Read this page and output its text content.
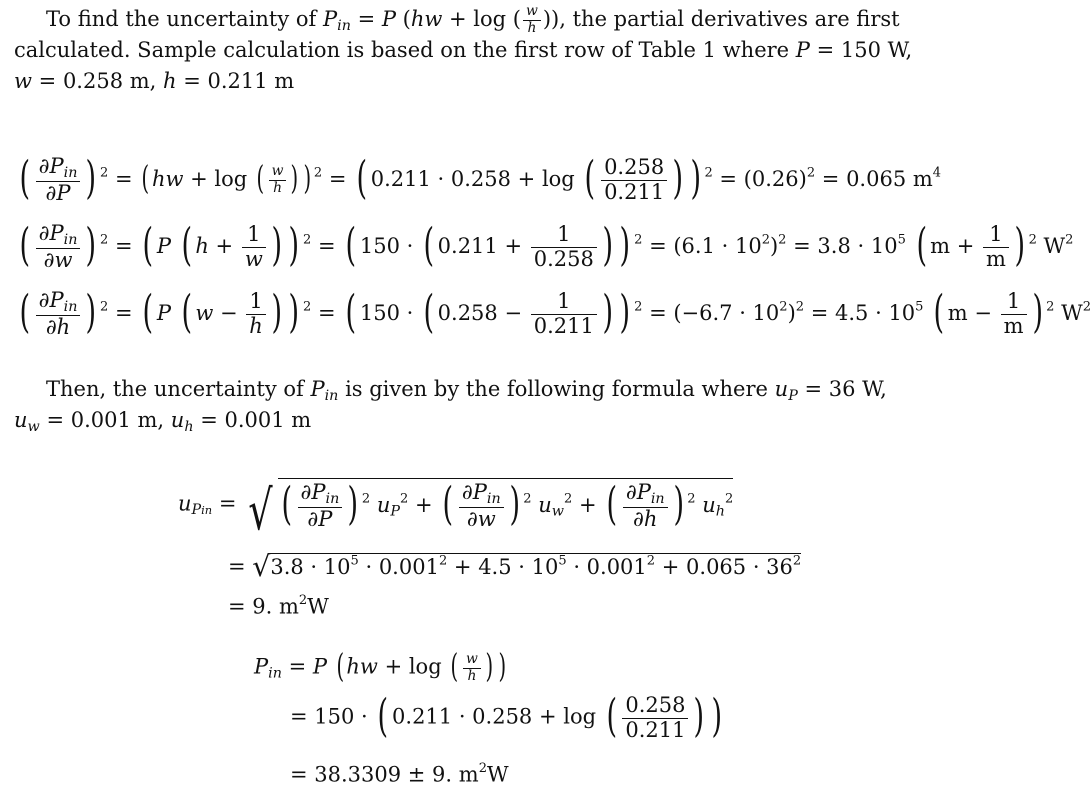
To find the uncertainty of $P_{in} = P$ (hw + log ( $\frac{w}{h}$ )), the partial derivatives are first
calculated. Sample calculation is based on the first row of Table 1 where P = 150 W,
w = 0.258 m, h = 0.211 m
( $\frac{\partial P_{in}}{\partial P}$ ) $^2$ = ( hw + log ( $\frac{w}{h}$ ) ) $^2$ = ( 0.211 · 0.258 + log ( $\frac{0.258}{0.211}$ ) ) $^2 = (0.26)^2 = 0.065$ $m^4$
( $\frac{\partial P_{in}}{\partial w}$ ) $^2$ = ( P ( $h + \frac{1}{w}$ ) ) $^2$ = ( 150 · ( $0.211 + \frac{1}{0.258}$ ) ) $^2 = (6.1 \cdot 10^2)^2 = 3.8 \cdot 10^5$ ( $m + \frac{1}{m}$ ) $^2$ $W^2$
( $\frac{\partial P_{in}}{\partial h}$ ) $^2$ = ( P ( $w - \frac{1}{h}$ ) ) $^2$ = ( 150 · ( $0.258 - \frac{1}{0.211}$ ) ) $^2 = (-6.7 \cdot 10^2)^2 = 4.5 \cdot 10^5$ ( $m - \frac{1}{m}$ ) $^2$ $W^2$
Then, the uncertainty of $P_{in}$ is given by the following formula where $u_P = 36$ W,
$u_w = 0.001$ m, $u_h = 0.001$ m
$u_{Pin}$ = √ ( $\frac{\partial P_{in}}{\partial P}$ ) $^2$ $u_P^2$ + ( $\frac{\partial P_{in}}{\partial w}$ ) $^2$ $u_w^2$ + ( $\frac{\partial P_{in}}{\partial h}$ ) $^2$ $u_h^2$
= $√3.8 \cdot 10^5 \cdot 0.001^2 + 4.5 \cdot 10^5 \cdot 0.001^2 + 0.065 \cdot 36^2$
= 9. $m^2W$
$P_{in} = P$ ( hw + log ( $\frac{w}{h}$ ) )
= 150 · ( 0.211 · 0.258 + log ( $\frac{0.258}{0.211}$ ) )
= 38.3309 ± 9. $m^2W$
